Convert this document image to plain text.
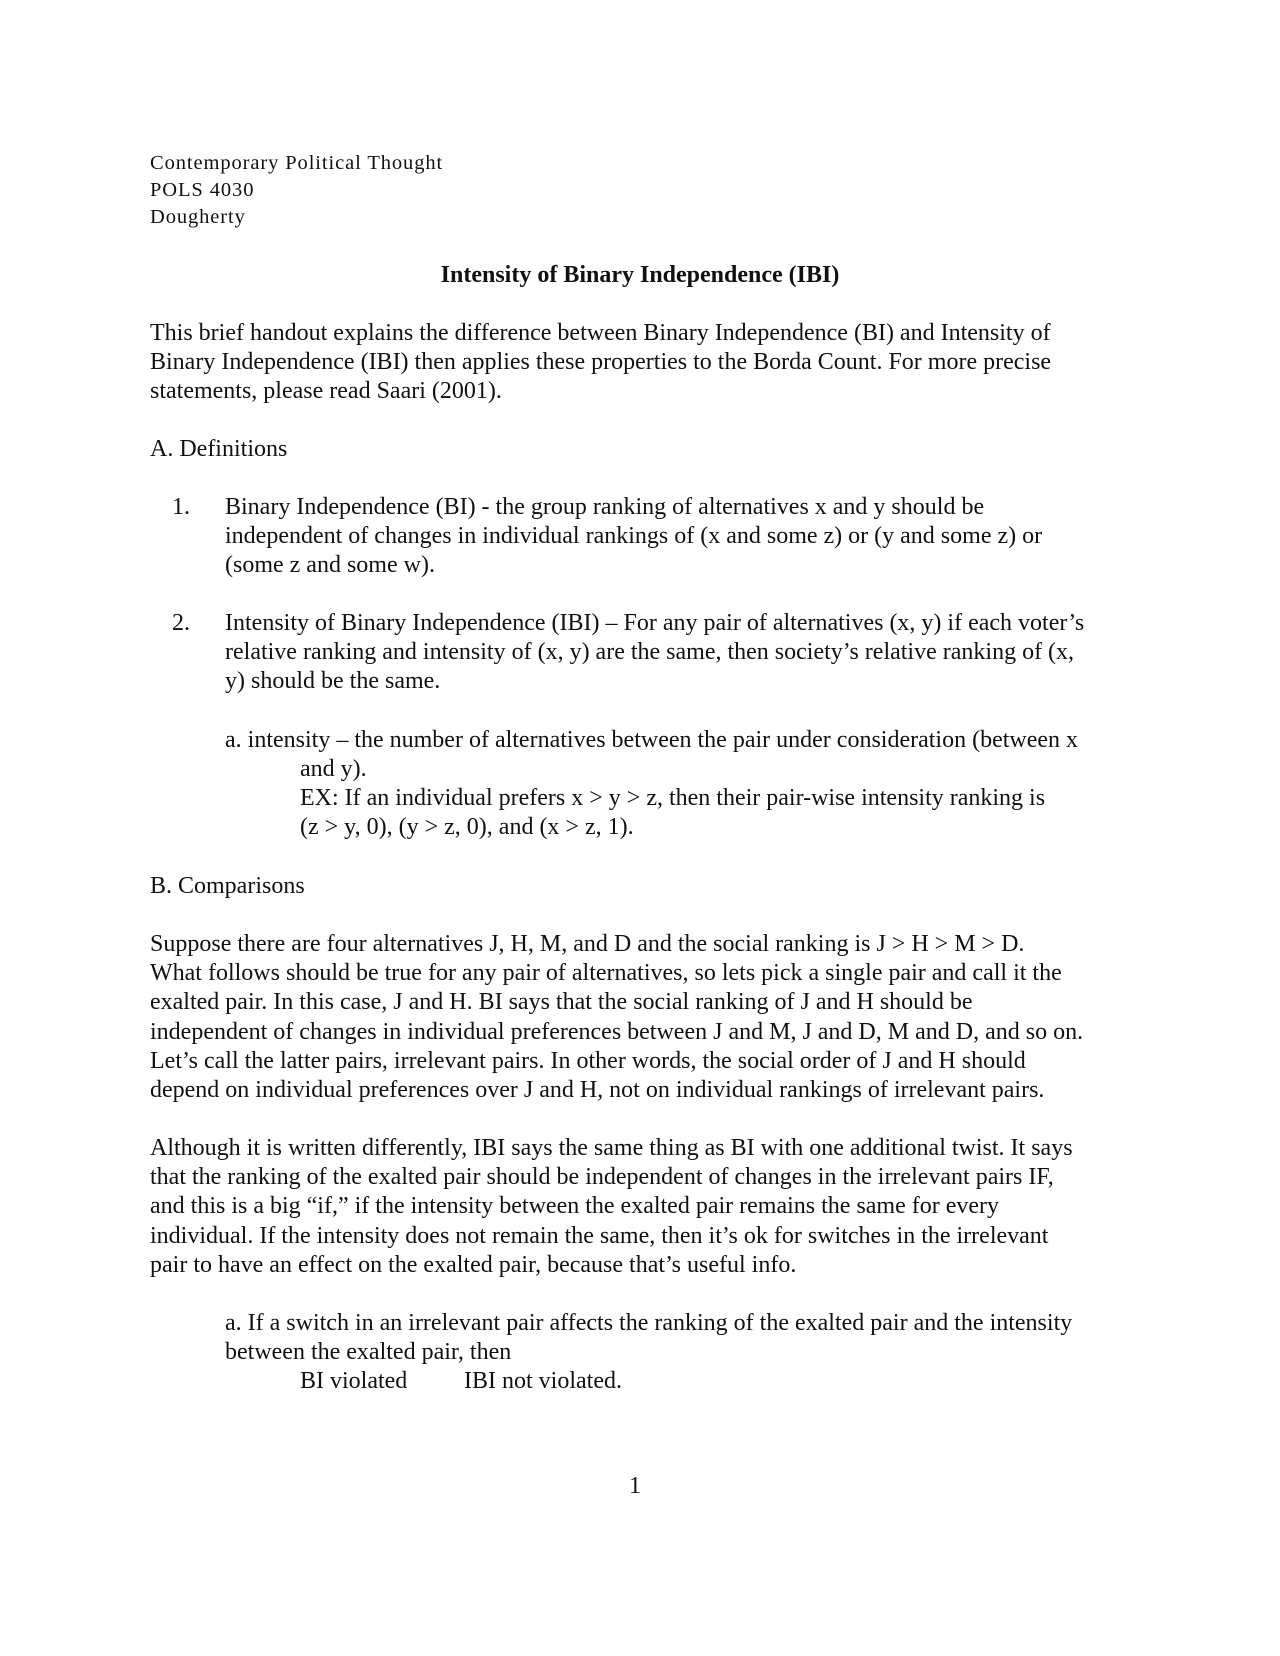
Contemporary Political Thought
POLS 4030
Dougherty
Intensity of Binary Independence (IBI)
This brief handout explains the difference between Binary Independence (BI) and Intensity of
Binary Independence (IBI) then applies these properties to the Borda Count. For more precise
statements, please read Saari (2001).
A. Definitions
1. Binary Independence (BI) - the group ranking of alternatives x and y should be
independent of changes in individual rankings of (x and some z) or (y and some z) or
(some z and some w).
2. Intensity of Binary Independence (IBI) – For any pair of alternatives (x, y) if each voter’s
relative ranking and intensity of (x, y) are the same, then society’s relative ranking of (x,
y) should be the same.
a. intensity – the number of alternatives between the pair under consideration (between x
and y).
EX: If an individual prefers x > y > z, then their pair-wise intensity ranking is
(z > y, 0), (y > z, 0), and (x > z, 1).
B. Comparisons
Suppose there are four alternatives J, H, M, and D and the social ranking is J > H > M > D.
What follows should be true for any pair of alternatives, so lets pick a single pair and call it the
exalted pair. In this case, J and H. BI says that the social ranking of J and H should be
independent of changes in individual preferences between J and M, J and D, M and D, and so on.
Let’s call the latter pairs, irrelevant pairs. In other words, the social order of J and H should
depend on individual preferences over J and H, not on individual rankings of irrelevant pairs.
Although it is written differently, IBI says the same thing as BI with one additional twist. It says
that the ranking of the exalted pair should be independent of changes in the irrelevant pairs IF,
and this is a big “if,” if the intensity between the exalted pair remains the same for every
individual. If the intensity does not remain the same, then it’s ok for switches in the irrelevant
pair to have an effect on the exalted pair, because that’s useful info.
a. If a switch in an irrelevant pair affects the ranking of the exalted pair and the intensity
between the exalted pair, then
BI violated IBI not violated.
1
